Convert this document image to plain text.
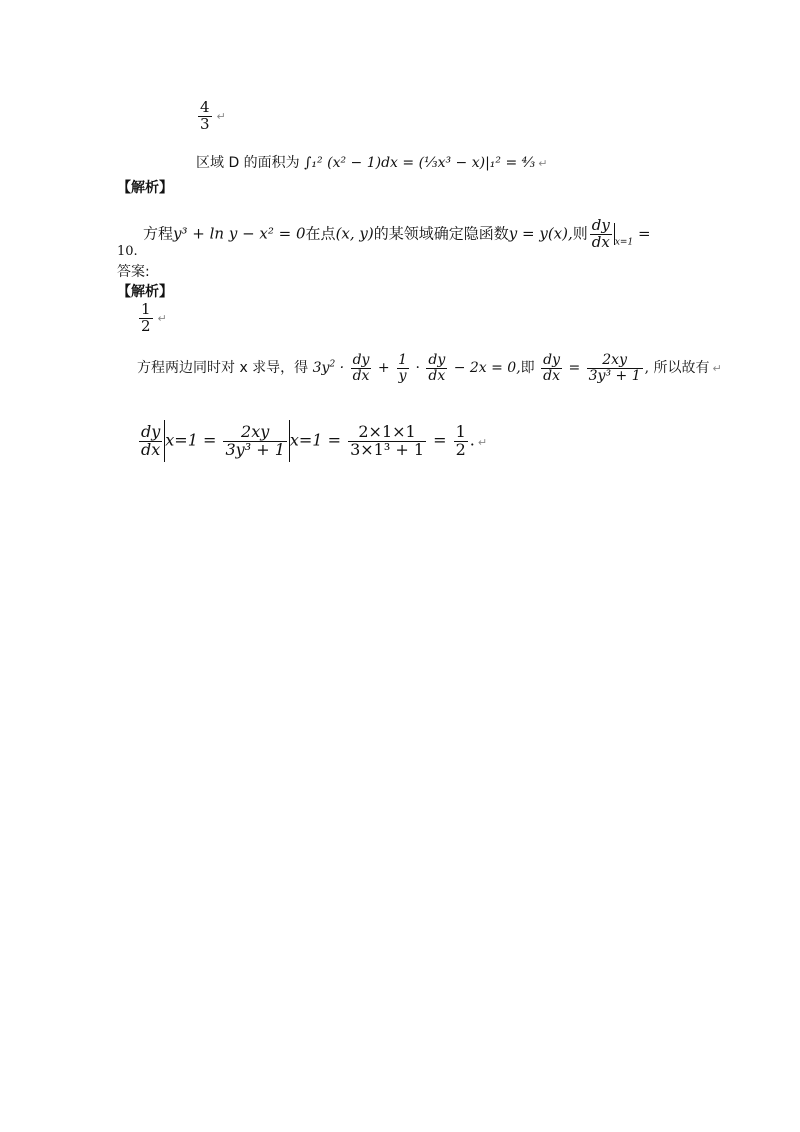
$\frac{4}{3}$ ↵
区域 D 的面积为 ∫₁² (x² − 1)dx = (⅓x³ − x)|₁² = ⁴⁄₃ ↵
【解析】
方程y³ + ln y − x² = 0在点(x, y)的某领域确定隐函数y = y(x),则 $\frac{dy}{dx} _{x=1}$ =
10.
答案:
【解析】
$\frac{1}{2}$ ↵
方程两边同时对 x 求导，得 $3y^2 \cdot \frac{dy}{dx} + \frac{1}{y} \cdot \frac{dy}{dx} - 2x = 0$,即 $\frac{dy}{dx} = \frac{2xy}{\text{3y³ + 1}}$ , 所以故有 ↵
$\frac{dy}{dx} x=1 = \frac{2xy}{\text{3y³ + 1}} x=1 = \frac{2\times 1\times 1}{\text{3×1³ + 1}} = \frac{1}{2}$ . ↵
